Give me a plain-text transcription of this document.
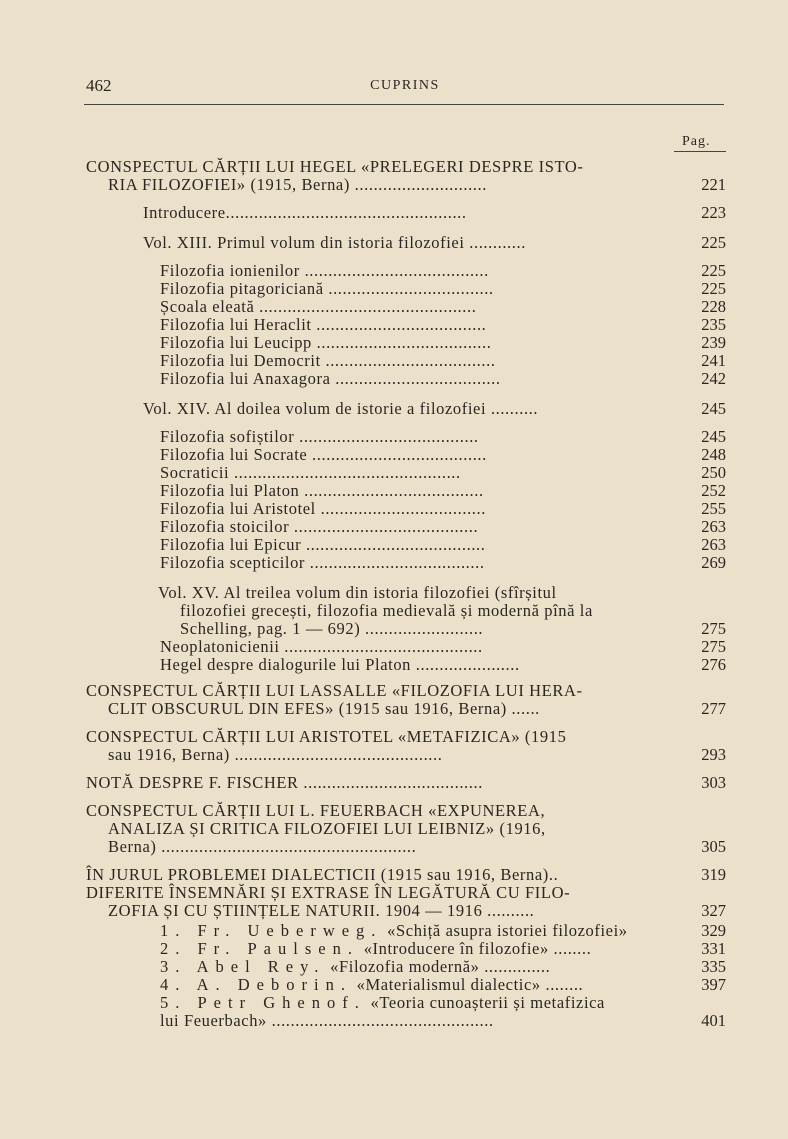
462	CUPRINS
Pag.
CONSPECTUL CĂRȚII LUI HEGEL «PRELEGERI DESPRE ISTO-
RIA FILOZOFIEI» (1915, Berna) ............................	221
Introducere...................................................	223
Vol. XIII. Primul volum din istoria filozofiei ............	225
Filozofia ionienilor .......................................	225
Filozofia pitagoriciană ...................................	225
Școala eleată ..............................................	228
Filozofia lui Heraclit ....................................	235
Filozofia lui Leucipp .....................................	239
Filozofia lui Democrit ....................................	241
Filozofia lui Anaxagora ...................................	242
Vol. XIV. Al doilea volum de istorie a filozofiei ..........	245
Filozofia sofiștilor ......................................	245
Filozofia lui Socrate .....................................	248
Socraticii ................................................	250
Filozofia lui Platon ......................................	252
Filozofia lui Aristotel ...................................	255
Filozofia stoicilor .......................................	263
Filozofia lui Epicur ......................................	263
Filozofia scepticilor .....................................	269
Vol. XV. Al treilea volum din istoria filozofiei (sfîrșitul
filozofiei grecești, filozofia medievală și modernă pînă la
Schelling, pag. 1 — 692) .........................	275
Neoplatonicienii ..........................................	275
Hegel despre dialogurile lui Platon ......................	276
CONSPECTUL CĂRȚII LUI LASSALLE «FILOZOFIA LUI HERA-
CLIT OBSCURUL DIN EFES» (1915 sau 1916, Berna) ......	277
CONSPECTUL CĂRȚII LUI ARISTOTEL «METAFIZICA» (1915
sau 1916, Berna) ............................................	293
NOTĂ DESPRE F. FISCHER ......................................	303
CONSPECTUL CĂRȚII LUI L. FEUERBACH «EXPUNEREA,
ANALIZA ȘI CRITICA FILOZOFIEI LUI LEIBNIZ» (1916,
Berna) ......................................................	305
ÎN JURUL PROBLEMEI DIALECTICII (1915 sau 1916, Berna)..	319
DIFERITE ÎNSEMNĂRI ȘI EXTRASE ÎN LEGĂTURĂ CU FILO-
ZOFIA ȘI CU ȘTIINȚELE NATURII. 1904 — 1916 ..........	327
1. Fr. Ueberweg. «Schiță asupra istoriei filozofiei»	329
2. Fr. Paulsen. «Introducere în filozofie» ........	331
3. Abel Rey. «Filozofia modernă» ..............	335
4. A. Deborin. «Materialismul dialectic» ........	397
5. Petr Ghenof. «Teoria cunoașterii și metafizica
lui Feuerbach» ...............................................	401
